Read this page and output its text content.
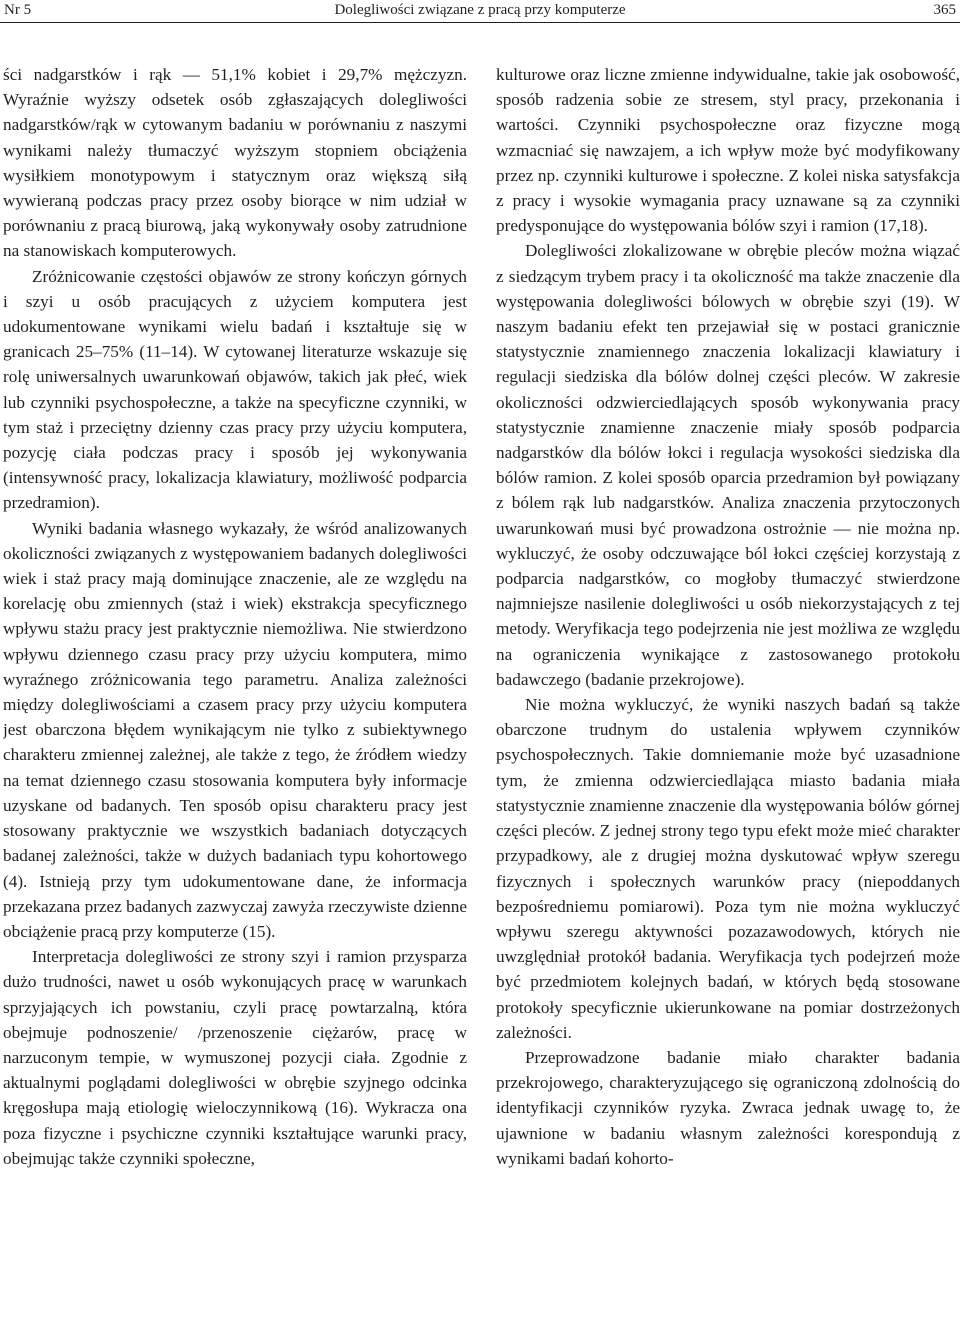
Nr 5	Dolegliwości związane z pracą przy komputerze	365

ści nadgarstków i rąk — 51,1% kobiet i 29,7% mężczyzn. Wyraźnie wyższy odsetek osób zgłaszających dolegliwości nadgarstków/rąk w cytowanym badaniu w porównaniu z naszymi wynikami należy tłumaczyć wyższym stopniem obciążenia wysiłkiem monotypowym i statycznym oraz większą siłą wywieraną podczas pracy przez osoby biorące w nim udział w porównaniu z pracą biurową, jaką wykonywały osoby zatrudnione na stanowiskach komputerowych.

Zróżnicowanie częstości objawów ze strony kończyn górnych i szyi u osób pracujących z użyciem komputera jest udokumentowane wynikami wielu badań i kształtuje się w granicach 25–75% (11–14). W cytowanej literaturze wskazuje się rolę uniwersalnych uwarunkowań objawów, takich jak płeć, wiek lub czynniki psychospołeczne, a także na specyficzne czynniki, w tym staż i przeciętny dzienny czas pracy przy użyciu komputera, pozycję ciała podczas pracy i sposób jej wykonywania (intensywność pracy, lokalizacja klawiatury, możliwość podparcia przedramion).

Wyniki badania własnego wykazały, że wśród analizowanych okoliczności związanych z występowaniem badanych dolegliwości wiek i staż pracy mają dominujące znaczenie, ale ze względu na korelację obu zmiennych (staż i wiek) ekstrakcja specyficznego wpływu stażu pracy jest praktycznie niemożliwa. Nie stwierdzono wpływu dziennego czasu pracy przy użyciu komputera, mimo wyraźnego zróżnicowania tego parametru. Analiza zależności między dolegliwościami a czasem pracy przy użyciu komputera jest obarczona błędem wynikającym nie tylko z subiektywnego charakteru zmiennej zależnej, ale także z tego, że źródłem wiedzy na temat dziennego czasu stosowania komputera były informacje uzyskane od badanych. Ten sposób opisu charakteru pracy jest stosowany praktycznie we wszystkich badaniach dotyczących badanej zależności, także w dużych badaniach typu kohortowego (4). Istnieją przy tym udokumentowane dane, że informacja przekazana przez badanych zazwyczaj zawyża rzeczywiste dzienne obciążenie pracą przy komputerze (15).

Interpretacja dolegliwości ze strony szyi i ramion przysparza dużo trudności, nawet u osób wykonujących pracę w warunkach sprzyjających ich powstaniu, czyli pracę powtarzalną, która obejmuje podnoszenie/ /przenoszenie ciężarów, pracę w narzuconym tempie, w wymuszonej pozycji ciała. Zgodnie z aktualnymi poglądami dolegliwości w obrębie szyjnego odcinka kręgosłupa mają etiologię wieloczynnikową (16). Wykracza ona poza fizyczne i psychiczne czynniki kształtujące warunki pracy, obejmując także czynniki społeczne,

kulturowe oraz liczne zmienne indywidualne, takie jak osobowość, sposób radzenia sobie ze stresem, styl pracy, przekonania i wartości. Czynniki psychospołeczne oraz fizyczne mogą wzmacniać się nawzajem, a ich wpływ może być modyfikowany przez np. czynniki kulturowe i społeczne. Z kolei niska satysfakcja z pracy i wysokie wymagania pracy uznawane są za czynniki predysponujące do występowania bólów szyi i ramion (17,18).

Dolegliwości zlokalizowane w obrębie pleców można wiązać z siedzącym trybem pracy i ta okoliczność ma także znaczenie dla występowania dolegliwości bólowych w obrębie szyi (19). W naszym badaniu efekt ten przejawiał się w postaci granicznie statystycznie znamiennego znaczenia lokalizacji klawiatury i regulacji siedziska dla bólów dolnej części pleców. W zakresie okoliczności odzwierciedlających sposób wykonywania pracy statystycznie znamienne znaczenie miały sposób podparcia nadgarstków dla bólów łokci i regulacja wysokości siedziska dla bólów ramion. Z kolei sposób oparcia przedramion był powiązany z bólem rąk lub nadgarstków. Analiza znaczenia przytoczonych uwarunkowań musi być prowadzona ostrożnie — nie można np. wykluczyć, że osoby odczuwające ból łokci częściej korzystają z podparcia nadgarstków, co mogłoby tłumaczyć stwierdzone najmniejsze nasilenie dolegliwości u osób niekorzystających z tej metody. Weryfikacja tego podejrzenia nie jest możliwa ze względu na ograniczenia wynikające z zastosowanego protokołu badawczego (badanie przekrojowe).

Nie można wykluczyć, że wyniki naszych badań są także obarczone trudnym do ustalenia wpływem czynników psychospołecznych. Takie domniemanie może być uzasadnione tym, że zmienna odzwierciedlająca miasto badania miała statystycznie znamienne znaczenie dla występowania bólów górnej części pleców. Z jednej strony tego typu efekt może mieć charakter przypadkowy, ale z drugiej można dyskutować wpływ szeregu fizycznych i społecznych warunków pracy (niepoddanych bezpośredniemu pomiarowi). Poza tym nie można wykluczyć wpływu szeregu aktywności pozazawodowych, których nie uwzględniał protokół badania. Weryfikacja tych podejrzeń może być przedmiotem kolejnych badań, w których będą stosowane protokoły specyficznie ukierunkowane na pomiar dostrzeżonych zależności.

Przeprowadzone badanie miało charakter badania przekrojowego, charakteryzującego się ograniczoną zdolnością do identyfikacji czynników ryzyka. Zwraca jednak uwagę to, że ujawnione w badaniu własnym zależności korespondują z wynikami badań kohorto-
